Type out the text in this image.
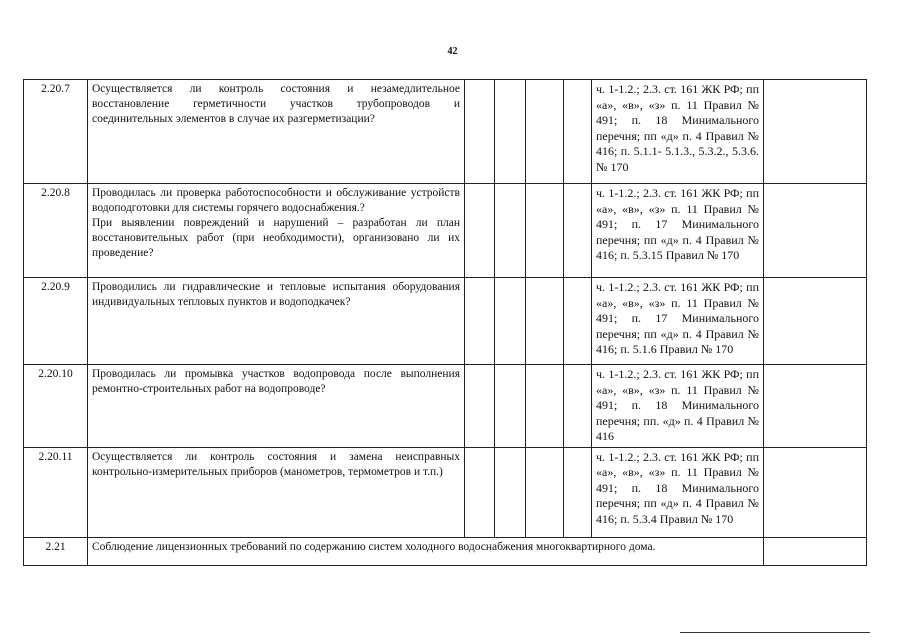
42
2.20.7	Осуществляется ли контроль состояния и незамедлительное восстановление герметичности участков трубопроводов и соединительных элементов в случае их разгерметизации?					ч. 1-1.2.; 2.3. ст. 161 ЖК РФ; пп «а», «в», «з» п. 11 Правил № 491; п. 18 Минимального перечня; пп «д» п. 4 Правил № 416; п. 5.1.1- 5.1.3., 5.3.2., 5.3.6. № 170	
2.20.8	Проводилась ли проверка работоспособности и обслуживание устройств водоподготовки для системы горячего водоснабжения.?
При выявлении повреждений и нарушений – разработан ли план восстановительных работ (при необходимости), организовано ли их проведение?					ч. 1-1.2.; 2.3. ст. 161 ЖК РФ; пп «а», «в», «з» п. 11 Правил № 491; п. 17 Минимального перечня; пп «д» п. 4 Правил № 416; п. 5.3.15 Правил № 170	
2.20.9	Проводились ли гидравлические и тепловые испытания оборудования индивидуальных тепловых пунктов и водоподкачек?					ч. 1-1.2.; 2.3. ст. 161 ЖК РФ; пп «а», «в», «з» п. 11 Правил № 491; п. 17 Минимального перечня; пп «д» п. 4 Правил № 416; п. 5.1.6 Правил № 170	
2.20.10	Проводилась ли промывка участков водопровода после выполнения ремонтно-строительных работ на водопроводе?					ч. 1-1.2.; 2.3. ст. 161 ЖК РФ; пп «а», «в», «з» п. 11 Правил № 491; п. 18 Минимального перечня; пп. «д» п. 4 Правил № 416	
2.20.11	Осуществляется ли контроль состояния и замена неисправных контрольно-измерительных приборов (манометров, термометров и т.п.)					ч. 1-1.2.; 2.3. ст. 161 ЖК РФ; пп «а», «в», «з» п. 11 Правил № 491; п. 18 Минимального перечня; пп «д» п. 4 Правил № 416; п. 5.3.4 Правил № 170	
2.21	Соблюдение лицензионных требований по содержанию систем холодного водоснабжения многоквартирного дома.						
